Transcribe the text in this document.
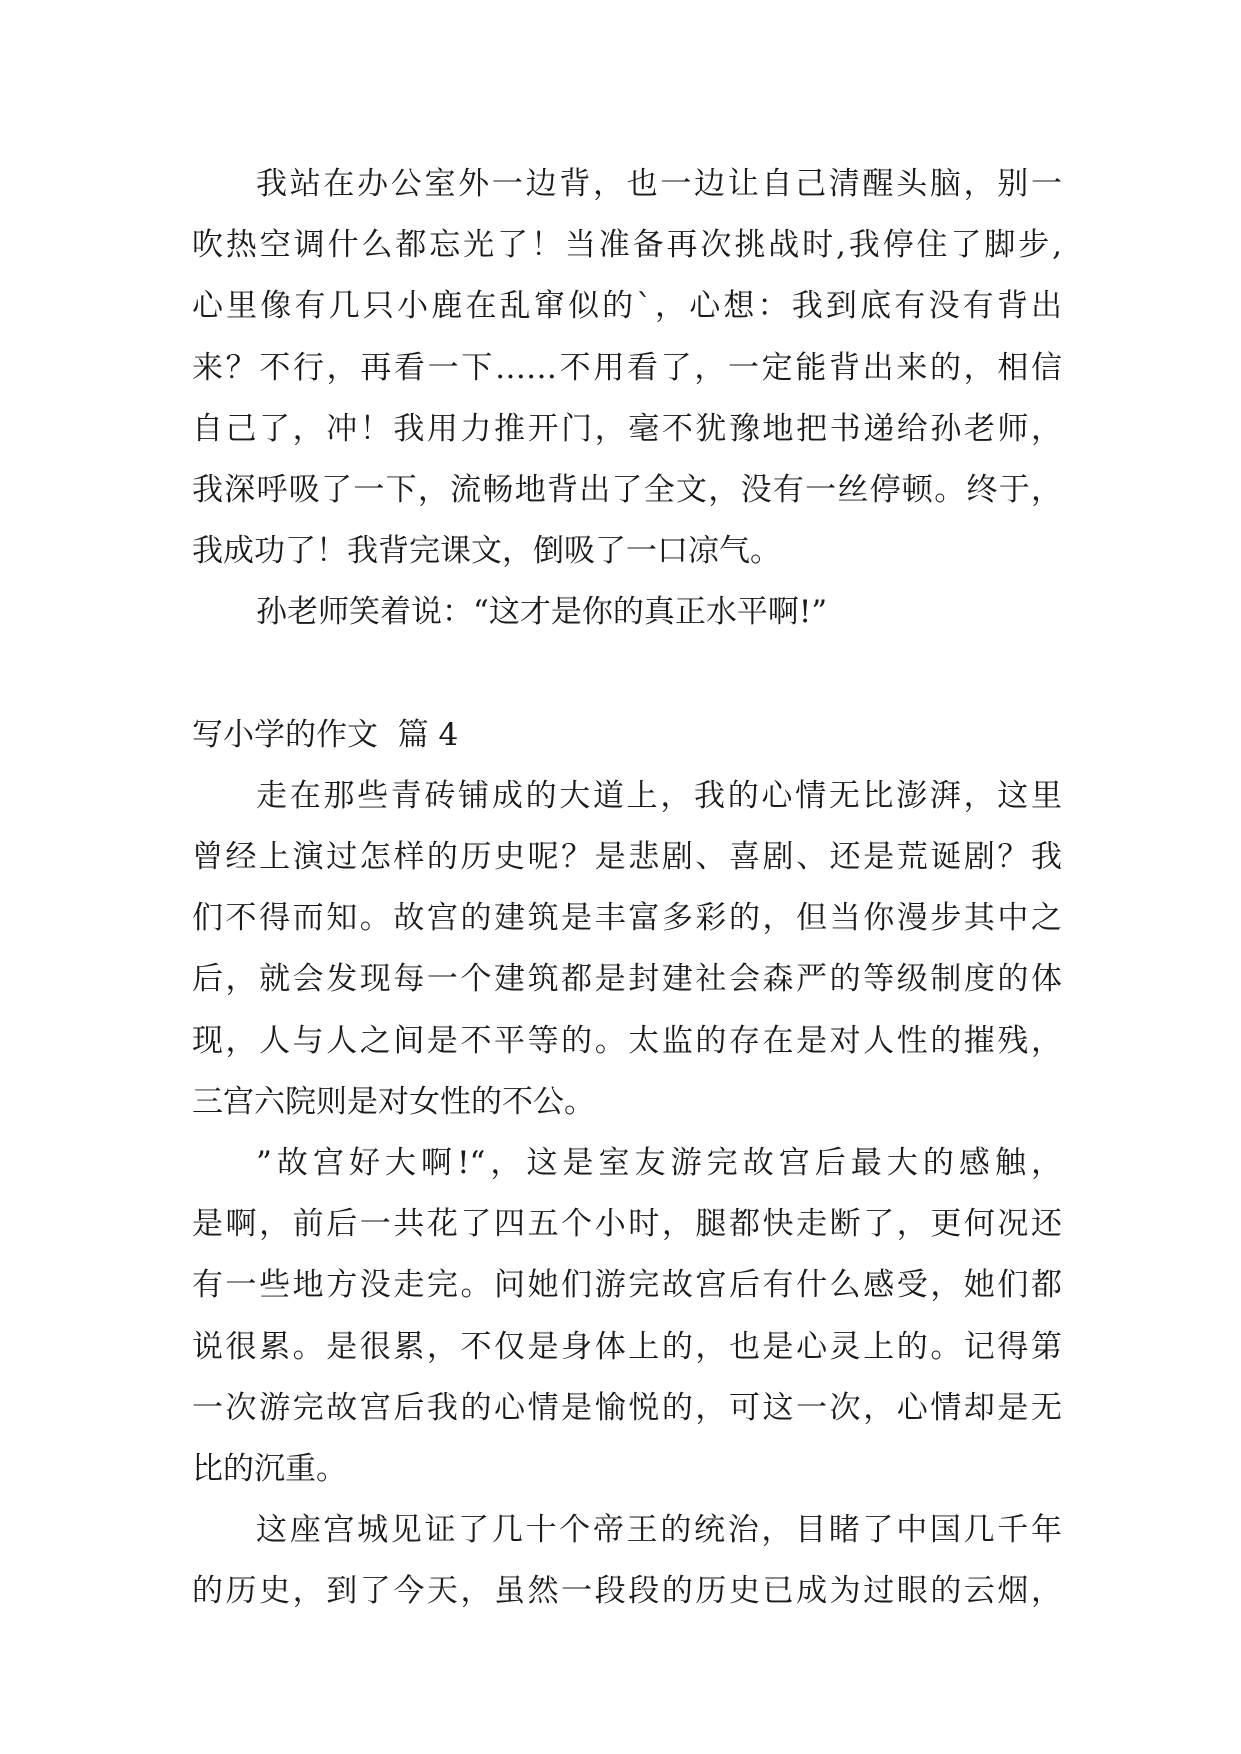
我站在办公室外一边背，也一边让自己清醒头脑，别一
吹热空调什么都忘光了！当准备再次挑战时,我停住了脚步,
心里像有几只小鹿在乱窜似的`，心想：我到底有没有背出
来？不行，再看一下……不用看了，一定能背出来的，相信
自己了，冲！我用力推开门，毫不犹豫地把书递给孙老师，
我深呼吸了一下，流畅地背出了全文，没有一丝停顿。终于，
我成功了！我背完课文，倒吸了一口凉气。
孙老师笑着说：“这才是你的真正水平啊!”
写小学的作文  篇 4
走在那些青砖铺成的大道上，我的心情无比澎湃，这里
曾经上演过怎样的历史呢？是悲剧、喜剧、还是荒诞剧？我
们不得而知。故宫的建筑是丰富多彩的，但当你漫步其中之
后，就会发现每一个建筑都是封建社会森严的等级制度的体
现，人与人之间是不平等的。太监的存在是对人性的摧残，
三宫六院则是对女性的不公。
”故宫好大啊!“，这是室友游完故宫后最大的感触，
是啊，前后一共花了四五个小时，腿都快走断了，更何况还
有一些地方没走完。问她们游完故宫后有什么感受，她们都
说很累。是很累，不仅是身体上的，也是心灵上的。记得第
一次游完故宫后我的心情是愉悦的，可这一次，心情却是无
比的沉重。
这座宫城见证了几十个帝王的统治，目睹了中国几千年
的历史，到了今天，虽然一段段的历史已成为过眼的云烟，
